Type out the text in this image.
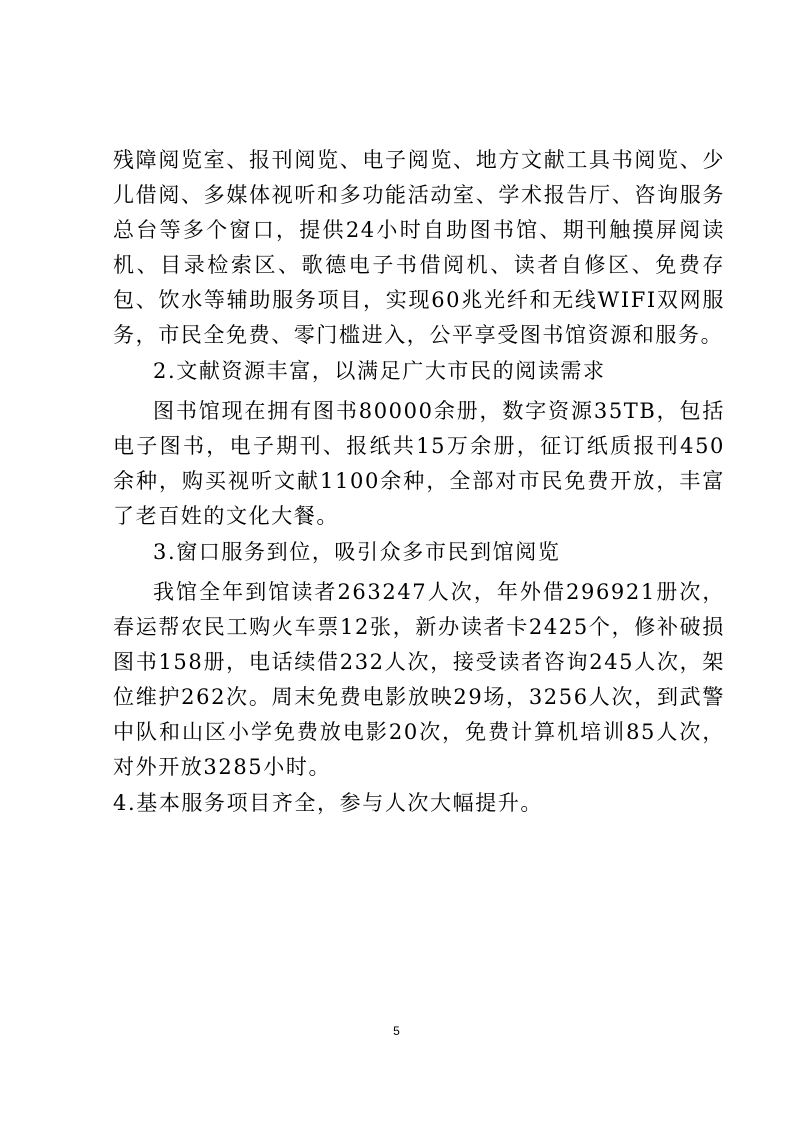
残障阅览室、报刊阅览、电子阅览、地方文献工具书阅览、少儿借阅、多媒体视听和多功能活动室、学术报告厅、咨询服务总台等多个窗口，提供24小时自助图书馆、期刊触摸屏阅读机、目录检索区、歌德电子书借阅机、读者自修区、免费存包、饮水等辅助服务项目，实现60兆光纤和无线WIFI双网服务，市民全免费、零门槛进入，公平享受图书馆资源和服务。

2.文献资源丰富，以满足广大市民的阅读需求

图书馆现在拥有图书80000余册，数字资源35TB，包括电子图书，电子期刊、报纸共15万余册，征订纸质报刊450余种，购买视听文献1100余种，全部对市民免费开放，丰富了老百姓的文化大餐。

3.窗口服务到位，吸引众多市民到馆阅览

我馆全年到馆读者263247人次，年外借296921册次，春运帮农民工购火车票12张，新办读者卡2425个，修补破损图书158册，电话续借232人次，接受读者咨询245人次，架位维护262次。周末免费电影放映29场，3256人次，到武警中队和山区小学免费放电影20次，免费计算机培训85人次，对外开放3285小时。

4.基本服务项目齐全，参与人次大幅提升。

5
